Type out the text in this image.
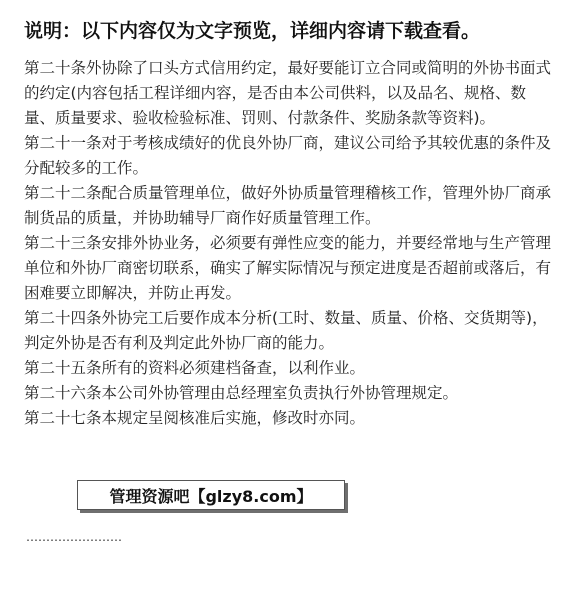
说明：以下内容仅为文字预览，详细内容请下载查看。

第二十条外协除了口头方式信用约定，最好要能订立合同或简明的外协书面式的约定(内容包括工程详细内容，是否由本公司供料，以及品名、规格、数量、质量要求、验收检验标准、罚则、付款条件、奖励条款等资料)。

第二十一条对于考核成绩好的优良外协厂商，建议公司给予其较优惠的条件及分配较多的工作。

第二十二条配合质量管理单位，做好外协质量管理稽核工作，管理外协厂商承制货品的质量，并协助辅导厂商作好质量管理工作。

第二十三条安排外协业务，必须要有弹性应变的能力，并要经常地与生产管理单位和外协厂商密切联系，确实了解实际情况与预定进度是否超前或落后，有困难要立即解决，并防止再发。

第二十四条外协完工后要作成本分析(工时、数量、质量、价格、交货期等)，判定外协是否有利及判定此外协厂商的能力。

第二十五条所有的资料必须建档备查，以利作业。

第二十六条本公司外协管理由总经理室负责执行外协管理规定。

第二十七条本规定呈阅核准后实施，修改时亦同。

……………………
管理资源吧【glzy8.com】
